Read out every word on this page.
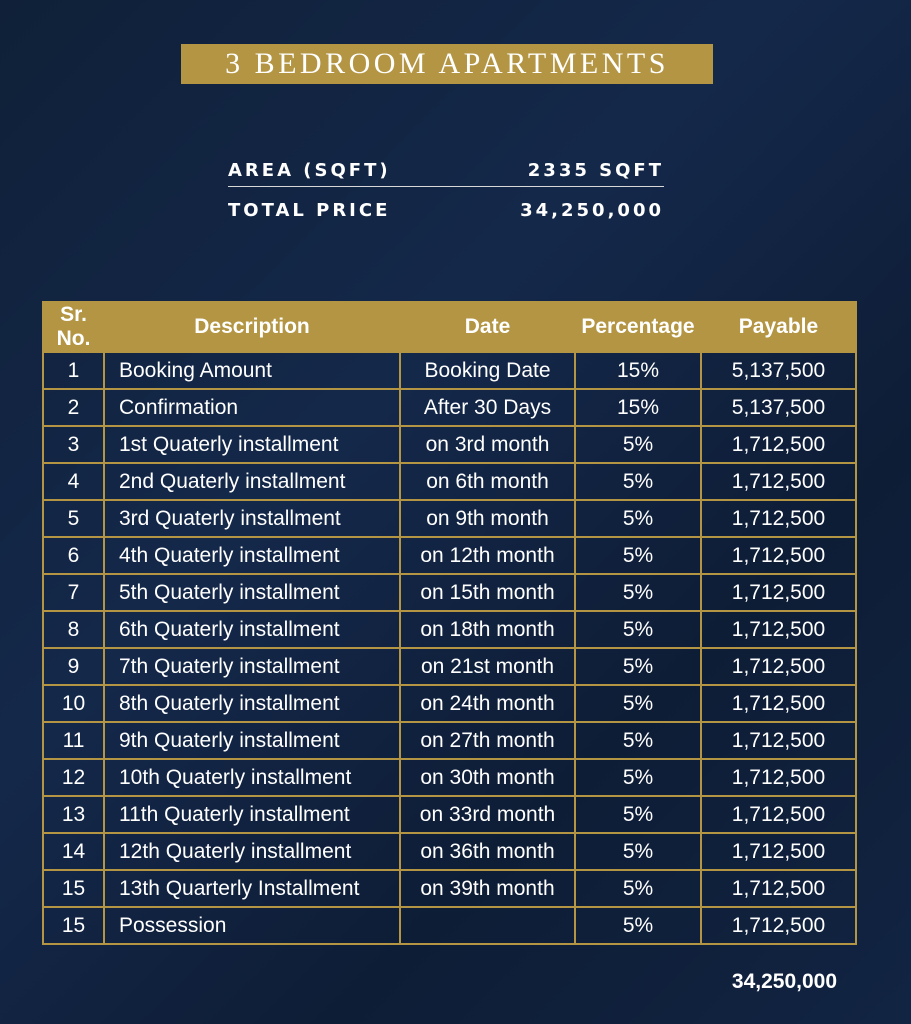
3 BEDROOM APARTMENTS
AREA (SQFT)	2335 SQFT
TOTAL PRICE	34,250,000
Sr. No.	Description	Date	Percentage	Payable
1	Booking Amount	Booking Date	15%	5,137,500
2	Confirmation	After 30 Days	15%	5,137,500
3	1st Quaterly installment	on 3rd month	5%	1,712,500
4	2nd Quaterly installment	on 6th month	5%	1,712,500
5	3rd Quaterly installment	on 9th month	5%	1,712,500
6	4th Quaterly installment	on 12th month	5%	1,712,500
7	5th Quaterly installment	on 15th month	5%	1,712,500
8	6th Quaterly installment	on 18th month	5%	1,712,500
9	7th Quaterly installment	on 21st month	5%	1,712,500
10	8th Quaterly installment	on 24th month	5%	1,712,500
11	9th Quaterly installment	on 27th month	5%	1,712,500
12	10th Quaterly installment	on 30th month	5%	1,712,500
13	11th Quaterly installment	on 33rd month	5%	1,712,500
14	12th Quaterly installment	on 36th month	5%	1,712,500
15	13th Quarterly Installment	on 39th month	5%	1,712,500
15	Possession		5%	1,712,500
34,250,000
